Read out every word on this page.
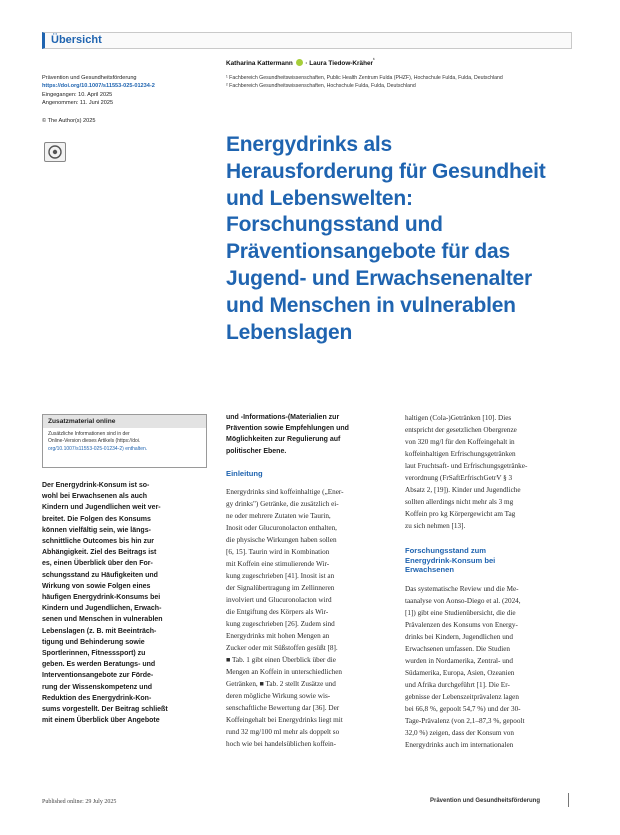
Übersicht
Prävention und Gesundheitsförderung
https://doi.org/10.1007/s11553-025-01234-2
Eingegangen: 10. April 2025
Angenommen: 11. Juni 2025
© The Author(s) 2025
Katharina Kattermann · Laura Tiedow-Kräher$^{^1}$
¹ Fachbereich Gesundheitswissenschaften, Public Health Zentrum Fulda (PHZF), Hochschule Fulda, Fulda, Deutschland
² Fachbereich Gesundheitswissenschaften, Hochschule Fulda, Fulda, Deutschland
Energydrinks als
Herausforderung für Gesundheit
und Lebenswelten:
Forschungsstand und
Präventionsangebote für das
Jugend- und Erwachsenenalter
und Menschen in vulnerablen
Lebenslagen
Zusatzmaterial online
Zusätzliche Informationen sind in der
Online-Version dieses Artikels (https://doi.
org/10.1007/s11553-025-01234-2) enthalten.
Der Energydrink-Konsum ist so-
wohl bei Erwachsenen als auch
Kindern und Jugendlichen weit ver-
breitet. Die Folgen des Konsums
können vielfältig sein, wie längs-
schnittliche Outcomes bis hin zur
Abhängigkeit. Ziel des Beitrags ist
es, einen Überblick über den For-
schungsstand zu Häufigkeiten und
Wirkung von sowie Folgen eines
häufigen Energydrink-Konsums bei
Kindern und Jugendlichen, Erwach-
senen und Menschen in vulnerablen
Lebenslagen (z. B. mit Beeinträch-
tigung und Behinderung sowie
Sportlerinnen, Fitnesssport) zu
geben. Es werden Beratungs- und
Interventionsangebote zur Förde-
rung der Wissenskompetenz und
Reduktion des Energydrink-Kon-
sums vorgestellt. Der Beitrag schließt
mit einem Überblick über Angebote
und -Informations-(Materialien zur
Prävention sowie Empfehlungen und
Möglichkeiten zur Regulierung auf
politischer Ebene.
Einleitung
Energydrinks sind koffeinhaltige („Ener-
gy drinks") Getränke, die zusätzlich ei-
ne oder mehrere Zutaten wie Taurin,
Inosit oder Glucuronolacton enthalten,
die physische Wirkungen haben sollen
[6, 15]. Taurin wird in Kombination
mit Koffein eine stimulierende Wir-
kung zugeschrieben [41]. Inosit ist an
der Signalübertragung im Zellinneren
involviert und Glucuronolacton wird
die Entgiftung des Körpers als Wir-
kung zugeschrieben [26]. Zudem sind
Energydrinks mit hohen Mengen an
Zucker oder mit Süßstoffen gesüßt [8].
■ Tab. 1 gibt einen Überblick über die
Mengen an Koffein in unterschiedlichen
Getränken, ■ Tab. 2 stellt Zusätze und
deren mögliche Wirkung sowie wis-
senschaftliche Bewertung dar [36]. Der
Koffeingehalt bei Energydrinks liegt mit
rund 32 mg/100 ml mehr als doppelt so
hoch wie bei handelsüblichen koffein-
haltigen (Cola-)Getränken [10]. Dies
entspricht der gesetzlichen Obergrenze
von 320 mg/l für den Koffeingehalt in
koffeinhaltigen Erfrischungsgetränken
laut Fruchtsaft- und Erfrischungsgetränke-
verordnung (FrSaftErfrischGetrV § 3
Absatz 2, [19]). Kinder und Jugendliche
sollten allerdings nicht mehr als 3 mg
Koffein pro kg Körpergewicht am Tag
zu sich nehmen [13].
Forschungsstand zum
Energydrink-Konsum bei
Erwachsenen
Das systematische Review und die Me-
taanalyse von Aonso-Diego et al. (2024,
[1]) gibt eine Studienübersicht, die die
Prävalenzen des Konsums von Energy-
drinks bei Kindern, Jugendlichen und
Erwachsenen umfassen. Die Studien
wurden in Nordamerika, Zentral- und
Südamerika, Europa, Asien, Ozeanien
und Afrika durchgeführt [1]. Die Er-
gebnisse der Lebenszeitprävalenz lagen
bei 66,8 %, gepoolt 54,7 %) und der 30-
Tage-Prävalenz (von 2,1–87,3 %, gepoolt
32,0 %) zeigen, dass der Konsum von
Energydrinks auch im internationalen
Published online: 29 July 2025	Prävention und Gesundheitsförderung
